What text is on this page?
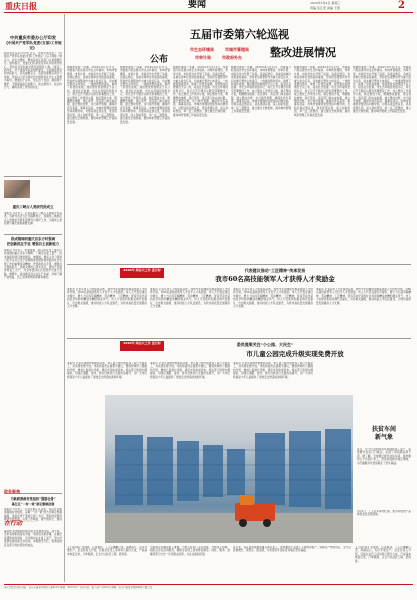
重庆日报	要闻	2020年3月4日 星期三
责编 张江宏 美编 王园	2
中共重庆市委办公厅印发
《中国共产党军队党委(支部)工作规定》
新华社北京3月3日电 近日，中共中央印发了《中国共产党军队党委(支部)工作规定》(以下简称《规定》)，并发出通知，要求各地区各部门认真遵照执行。通知指出，党委(支部)是党在军队中的领导核心，坚持党对军队绝对领导是强军之魂。《规定》的印发，对于推进军队党组织建设，全面提高领导和执政能力，具有重要意义。各级党委要认真学习贯彻，坚持以习近平新时代中国特色社会主义思想为指导，增强四个意识、坚定四个自信、做到两个维护，不断提高政治判断力、政治领悟力、政治执行力，确保各项工作落到实处。
重庆三峡古人类研究所成立
本报讯 3月3日，记者从重庆三峡古人类研究所获悉，该研究所近日正式揭牌成立，将围绕三峡地区古人类遗址开展系统研究与保护工作，为探索人类起源与演化提供重要支撑。
段成刚调研重庆京东方时强调
把创新抓在手里 增强自主创新能力
本报讯 3月3日，市委常委、两江新区党工委书记段成刚到重庆京东方调研，了解企业复工复产、技术创新和项目推进情况。他强调，要深入学习贯彻习近平总书记关于统筹推进疫情防控和经济社会发展工作的重要讲话精神，把创新抓在手里，增强自主创新能力，加快关键核心技术攻关，推动产业链协同复工达产，为全市经济社会发展作出更大贡献。调研中，段成刚走进企业生产车间，详细了解产能恢复、员工返岗和物资保障等情况。
公布
五届市委第六轮巡视
整改进展情况
市生态环境局	市城市管理局
市审计局	市政府外办
根据市委统一部署，2019年9月至11月，市委第六轮巡视对市生态环境局、市城市管理局、市审计局、市政府外办开展了巡视。巡视反馈后，各被巡视单位党组高度重视，坚持把巡视整改作为重大政治任务，切实履行整改主体责任，一体推进整改落实，取得了阶段性成效。现将整改进展情况予以公布，接受社会监督。市生态环境局党组书记、局长召开专题会议研究部署整改工作，成立整改工作领导小组，制定整改方案，明确整改措施、责任领导、责任部门和完成时限，建立整改台账，实行销号管理，确保件件有着落、事事有回音。市城市管理局党组坚持问题导向，对照巡视反馈意见，逐条逐项认领，深入剖析原因，举一反三抓整改，建立健全长效机制，推动城市管理工作高质量发展。
根据市委统一部署，2019年9月至11月，市委第六轮巡视对市生态环境局、市城市管理局、市审计局、市政府外办开展了巡视。巡视反馈后，各被巡视单位党组高度重视，坚持把巡视整改作为重大政治任务，切实履行整改主体责任，一体推进整改落实，取得了阶段性成效。现将整改进展情况予以公布，接受社会监督。市生态环境局党组书记、局长召开专题会议研究部署整改工作，成立整改工作领导小组，制定整改方案，明确整改措施、责任领导、责任部门和完成时限，建立整改台账，实行销号管理，确保件件有着落、事事有回音。市城市管理局党组坚持问题导向，对照巡视反馈意见，逐条逐项认领，深入剖析原因，举一反三抓整改，建立健全长效机制，推动城市管理工作高质量发展。
根据市委统一部署，2019年9月至11月，市委第六轮巡视对市生态环境局、市城市管理局、市审计局、市政府外办开展了巡视。巡视反馈后，各被巡视单位党组高度重视，坚持把巡视整改作为重大政治任务，切实履行整改主体责任，一体推进整改落实，取得了阶段性成效。现将整改进展情况予以公布，接受社会监督。市生态环境局党组书记、局长召开专题会议研究部署整改工作，成立整改工作领导小组，制定整改方案，明确整改措施、责任领导、责任部门和完成时限，建立整改台账，实行销号管理，确保件件有着落、事事有回音。市城市管理局党组坚持问题导向，对照巡视反馈意见，逐条逐项认领，深入剖析原因，举一反三抓整改，建立健全长效机制，推动城市管理工作高质量发展。
根据市委统一部署，2019年9月至11月，市委第六轮巡视对市生态环境局、市城市管理局、市审计局、市政府外办开展了巡视。巡视反馈后，各被巡视单位党组高度重视，坚持把巡视整改作为重大政治任务，切实履行整改主体责任，一体推进整改落实，取得了阶段性成效。现将整改进展情况予以公布，接受社会监督。市生态环境局党组书记、局长召开专题会议研究部署整改工作，成立整改工作领导小组，制定整改方案，明确整改措施、责任领导、责任部门和完成时限，建立整改台账，实行销号管理，确保件件有着落、事事有回音。市城市管理局党组坚持问题导向，对照巡视反馈意见，逐条逐项认领，深入剖析原因，举一反三抓整改，建立健全长效机制，推动城市管理工作高质量发展。
根据市委统一部署，2019年9月至11月，市委第六轮巡视对市生态环境局、市城市管理局、市审计局、市政府外办开展了巡视。巡视反馈后，各被巡视单位党组高度重视，坚持把巡视整改作为重大政治任务，切实履行整改主体责任，一体推进整改落实，取得了阶段性成效。现将整改进展情况予以公布，接受社会监督。市生态环境局党组书记、局长召开专题会议研究部署整改工作，成立整改工作领导小组，制定整改方案，明确整改措施、责任领导、责任部门和完成时限，建立整改台账，实行销号管理，确保件件有着落、事事有回音。市城市管理局党组坚持问题导向，对照巡视反馈意见，逐条逐项认领，深入剖析原因，举一反三抓整改，建立健全长效机制，推动城市管理工作高质量发展。
根据市委统一部署，2019年9月至11月，市委第六轮巡视对市生态环境局、市城市管理局、市审计局、市政府外办开展了巡视。巡视反馈后，各被巡视单位党组高度重视，坚持把巡视整改作为重大政治任务，切实履行整改主体责任，一体推进整改落实，取得了阶段性成效。现将整改进展情况予以公布，接受社会监督。市生态环境局党组书记、局长召开专题会议研究部署整改工作，成立整改工作领导小组，制定整改方案，明确整改措施、责任领导、责任部门和完成时限，建立整改台账，实行销号管理，确保件件有着落、事事有回音。市城市管理局党组坚持问题导向，对照巡视反馈意见，逐条逐项认领，深入剖析原因，举一反三抓整改，建立健全长效机制，推动城市管理工作高质量发展。
2020年 两会大工作 进行时	代表建议推动“工匠精神”传承发扬
我市60名高技能领军人才获得人才奖励金
本报讯 记者从市人力社保局获悉，我市今年将继续实施高技能人才培养计划，对60名高技能领军人才给予人才奖励金。市人大代表在建议中提出，要大力弘扬劳模精神、劳动精神、工匠精神，营造劳动光荣的社会风尚和精益求精的敬业风气。市人力社保局积极采纳代表建议，出台相关措施，推动技能人才队伍建设，为我市高质量发展提供人才支撑。
本报讯 记者从市人力社保局获悉，我市今年将继续实施高技能人才培养计划，对60名高技能领军人才给予人才奖励金。市人大代表在建议中提出，要大力弘扬劳模精神、劳动精神、工匠精神，营造劳动光荣的社会风尚和精益求精的敬业风气。市人力社保局积极采纳代表建议，出台相关措施，推动技能人才队伍建设，为我市高质量发展提供人才支撑。
本报讯 记者从市人力社保局获悉，我市今年将继续实施高技能人才培养计划，对60名高技能领军人才给予人才奖励金。市人大代表在建议中提出，要大力弘扬劳模精神、劳动精神、工匠精神，营造劳动光荣的社会风尚和精益求精的敬业风气。市人力社保局积极采纳代表建议，出台相关措施，推动技能人才队伍建设，为我市高质量发展提供人才支撑。
本报讯 记者从市人力社保局获悉，我市今年将继续实施高技能人才培养计划，对60名高技能领军人才给予人才奖励金。市人大代表在建议中提出，要大力弘扬劳模精神、劳动精神、工匠精神，营造劳动光荣的社会风尚和精益求精的敬业风气。市人力社保局积极采纳代表建议，出台相关措施，推动技能人才队伍建设，为我市高质量发展提供人才支撑。
2020年 两会大工作 进行时	委员提案关注“小公园、大民生”
市儿童公园完成升级实现免费开放
本报讯 记者从市城市管理局获悉，市儿童公园升级改造工程已全面完工，并实现免费开放。市政协委员在提案中建议，要加快城市公园提档升级，增加儿童游乐设施，满足市民休闲需求。相关部门积极办理提案，对园区道路、绿化、游乐设施进行全面改造提升，为广大市民特别是少年儿童提供了更加安全舒适的游玩环境。
本报讯 记者从市城市管理局获悉，市儿童公园升级改造工程已全面完工，并实现免费开放。市政协委员在提案中建议，要加快城市公园提档升级，增加儿童游乐设施，满足市民休闲需求。相关部门积极办理提案，对园区道路、绿化、游乐设施进行全面改造提升，为广大市民特别是少年儿童提供了更加安全舒适的游玩环境。
本报讯 记者从市城市管理局获悉，市儿童公园升级改造工程已全面完工，并实现免费开放。市政协委员在提案中建议，要加快城市公园提档升级，增加儿童游乐设施，满足市民休闲需求。相关部门积极办理提案，对园区道路、绿化、游乐设施进行全面改造提升，为广大市民特别是少年儿童提供了更加安全舒适的游玩环境。
扶贫车间
新气象
近日，位于区县的扶贫车间陆续复工复产，贫困群众在家门口就业，实现了挣钱顾家两不误。据了解，当地通过建设扶贫车间，吸纳建档立卡贫困户务工，带动贫困群众稳定增收，为打赢脱贫攻坚战奠定了坚实基础。
3月3日，工人在车间内忙碌，整齐码放的产品即将发往全国各地。
政务聚焦
为耿荫涤救村党组织“强筋壮骨”
綦江区“一村一策”制定整顿措施
本报讯 3月3日，记者从綦江区获悉，该区针对软弱涣散村党组织，采取“一村一策”的方式制定整顿措施，选派优秀干部担任第一书记，帮助村党组织理清发展思路，完善工作制度，提升组织力，推动
在行动
编者按 疫情防控和经济社会发展两手抓、两不误。全市各地积极落实市委、市政府决策部署，在做好疫情防控的同时，有序推动企业复工复产，努力把疫情造成的损失补回来。本报推出专栏，报道各地区各部门的好经验好做法。
【上接1版】在现场，记者看到，工人们佩戴口罩，间隔站立，有序开展生产。企业负责人介绍，目前企业员工返岗率已超过九成，产能基本恢复正常，订单饱满，正全力以赴赶工期、抢进度。
为帮助企业解决用工难题，当地人社部门主动对接，开展线上招聘，组织点对点返岗服务，确保企业用工需求得到满足。同时，税务、金融等部门出台一系列惠企政策，为企业减负纾困。
连日来，各区县积极推动重点项目复工，加快推进产业链上下游协同复产，保障生产物资供应，全力以赴稳增长、保民生、促发展，为实现全年目标任务奠定坚实基础。
【上接1版】在现场，记者看到，工人们佩戴口罩，间隔站立，有序开展生产。企业负责人介绍，目前企业员工返岗率已超过九成，产能基本恢复正常，订单饱满，正全力以赴赶工期、抢进度。
重庆日报社出版 地址：重庆市渝北区同茂大道416号 邮编：401120 广告许可证：渝工商广字001号 印刷：重庆日报报业集团印务有限公司
